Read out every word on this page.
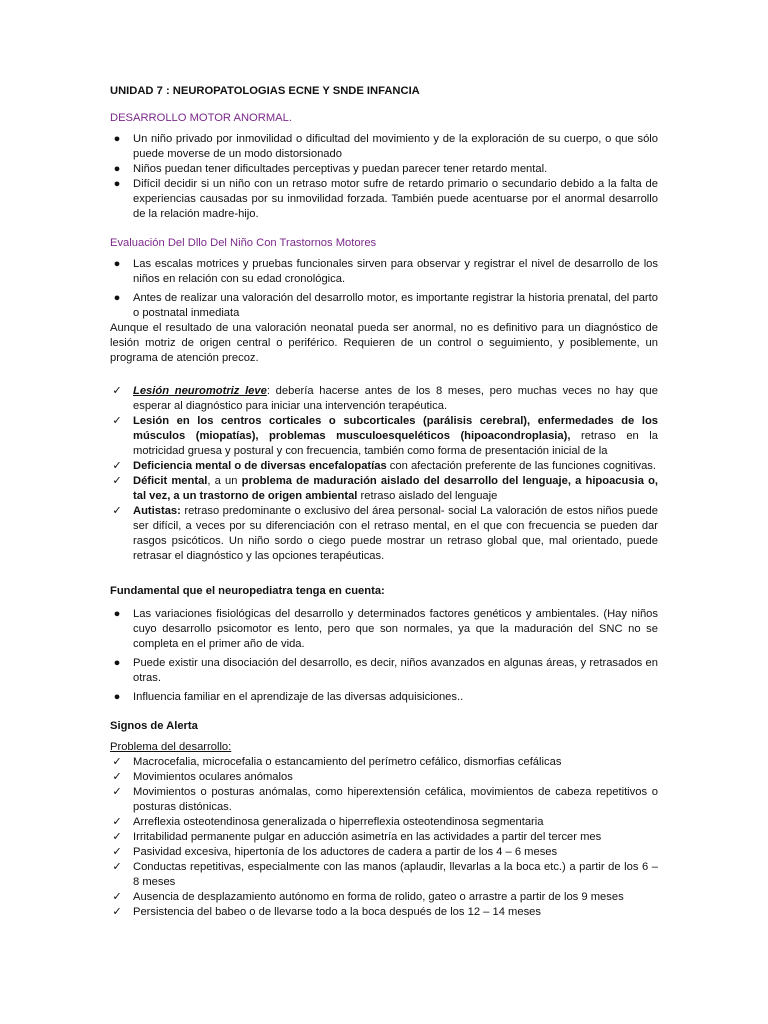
UNIDAD 7 : NEUROPATOLOGIAS ECNE Y SNDE INFANCIA
DESARROLLO MOTOR ANORMAL.
●	Un niño privado por inmovilidad o dificultad del movimiento y de la exploración de su cuerpo, o que sólo puede moverse de un modo distorsionado
●	Niños puedan tener dificultades perceptivas y puedan parecer tener retardo mental.
●	Difícil decidir si un niño con un retraso motor sufre de retardo primario o secundario debido a la falta de experiencias causadas por su inmovilidad forzada. También puede acentuarse por el anormal desarrollo de la relación madre-hijo.
Evaluación Del Dllo Del Niño Con Trastornos Motores
●	Las escalas motrices y pruebas funcionales sirven para observar y registrar el nivel de desarrollo de los niños en relación con su edad cronológica.
●	Antes de realizar una valoración del desarrollo motor, es importante registrar la historia prenatal, del parto o postnatal inmediata
Aunque el resultado de una valoración neonatal pueda ser anormal, no es definitivo para un diagnóstico de lesión motriz de origen central o periférico. Requieren de un control o seguimiento, y posiblemente, un programa de atención precoz.
✓ Lesión neuromotriz leve: debería hacerse antes de los 8 meses, pero muchas veces no hay que esperar al diagnóstico para iniciar una intervención terapéutica.
✓ Lesión en los centros corticales o subcorticales (parálisis cerebral), enfermedades de los músculos (miopatías), problemas musculoesqueléticos (hipoacondroplasia), retraso en la motricidad gruesa y postural y con frecuencia, también como forma de presentación inicial de la
✓ Deficiencia mental o de diversas encefalopatías con afectación preferente de las funciones cognitivas.
✓ Déficit mental, a un problema de maduración aislado del desarrollo del lenguaje, a hipoacusia o, tal vez, a un trastorno de origen ambiental retraso aislado del lenguaje
✓ Autistas: retraso predominante o exclusivo del área personal- social La valoración de estos niños puede ser difícil, a veces por su diferenciación con el retraso mental, en el que con frecuencia se pueden dar rasgos psicóticos. Un niño sordo o ciego puede mostrar un retraso global que, mal orientado, puede retrasar el diagnóstico y las opciones terapéuticas.
Fundamental que el neuropediatra tenga en cuenta:
●	Las variaciones fisiológicas del desarrollo y determinados factores genéticos y ambientales. (Hay niños cuyo desarrollo psicomotor es lento, pero que son normales, ya que la maduración del SNC no se completa en el primer año de vida.
●	Puede existir una disociación del desarrollo, es decir, niños avanzados en algunas áreas, y retrasados en otras.
●	Influencia familiar en el aprendizaje de las diversas adquisiciones..
Signos de Alerta
Problema del desarrollo:
✓ Macrocefalia, microcefalia o estancamiento del perímetro cefálico, dismorfias cefálicas
✓ Movimientos oculares anómalos
✓ Movimientos o posturas anómalas, como hiperextensión cefálica, movimientos de cabeza repetitivos o posturas distónicas.
✓ Arreflexia osteotendinosa generalizada o hiperreflexia osteotendinosa segmentaria
✓ Irritabilidad permanente pulgar en aducción asimetría en las actividades a partir del tercer mes
✓ Pasividad excesiva, hipertonía de los aductores de cadera a partir de los 4 – 6 meses
✓ Conductas repetitivas, especialmente con las manos (aplaudir, llevarlas a la boca etc.) a partir de los 6 – 8 meses
✓ Ausencia de desplazamiento autónomo en forma de rolido, gateo o arrastre a partir de los 9 meses
✓ Persistencia del babeo o de llevarse todo a la boca después de los 12 – 14 meses
